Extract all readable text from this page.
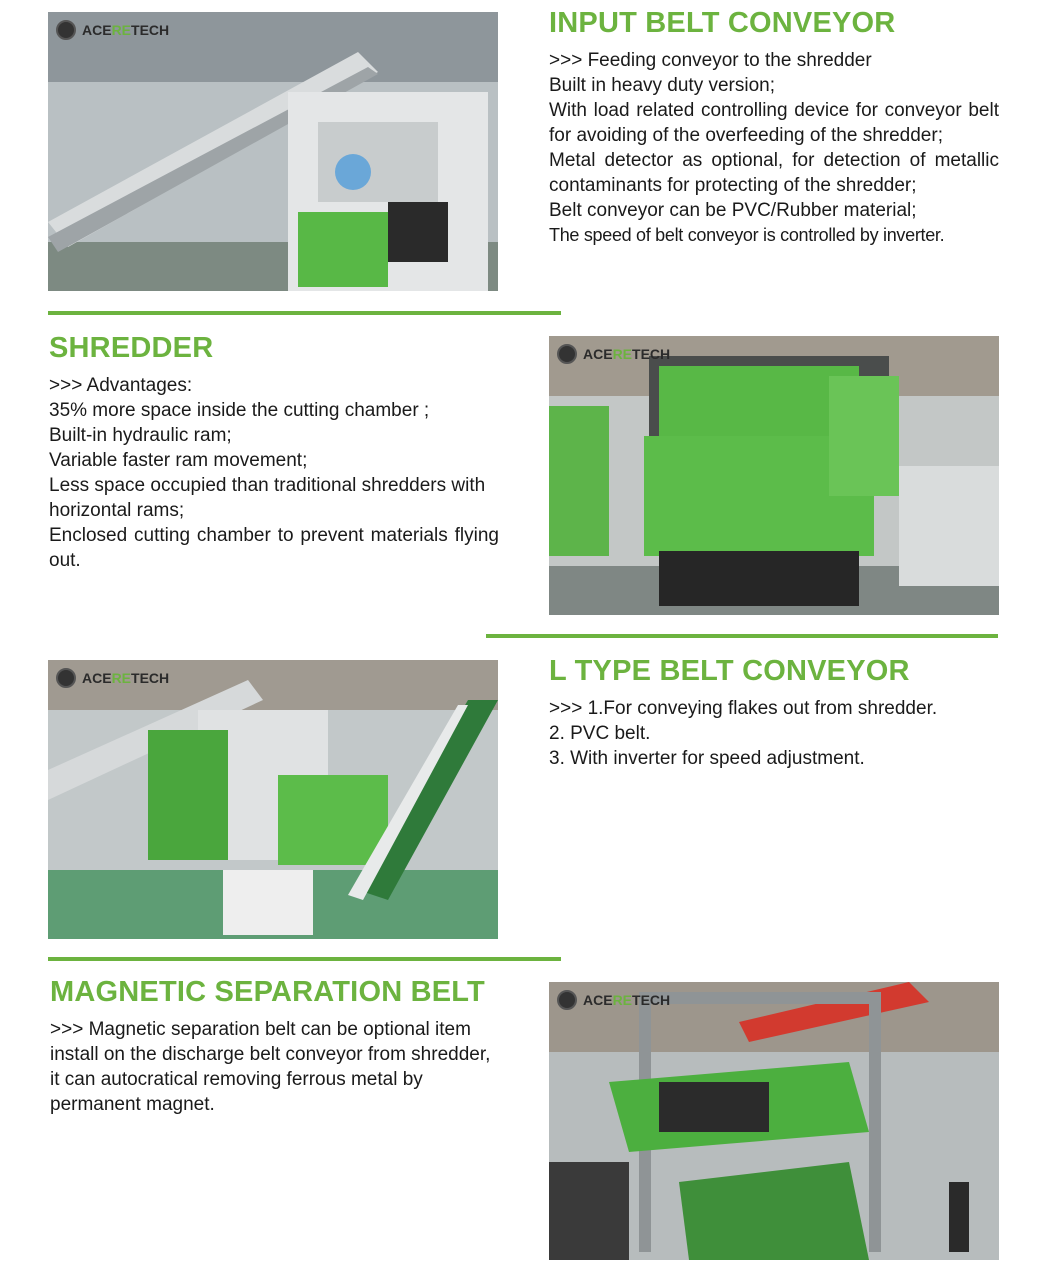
ACERETECH	INPUT BELT CONVEYOR

>>> Feeding conveyor to the shredder

Built in heavy duty version;

With load related controlling device for conveyor belt for avoiding of the overfeeding of the shredder;

Metal detector as optional, for detection of metallic contaminants for protecting of the shredder;

Belt conveyor can be PVC/Rubber material;

The speed of belt conveyor is controlled by inverter.

SHREDDER

>>> Advantages:

35% more space inside the cutting chamber ;

Built-in hydraulic ram;

Variable faster ram movement;

Less space occupied than traditional shredders with horizontal rams;

Enclosed cutting chamber to prevent materials flying out.

ACERETECH
ACERETECH	L TYPE BELT CONVEYOR

>>> 1.For conveying flakes out from shredder.

2. PVC belt.

3. With inverter for speed adjustment.

MAGNETIC SEPARATION BELT

>>> Magnetic separation belt can be optional item install on the discharge belt conveyor from shredder, it can autocratical removing ferrous metal by permanent magnet.

ACERETECH
